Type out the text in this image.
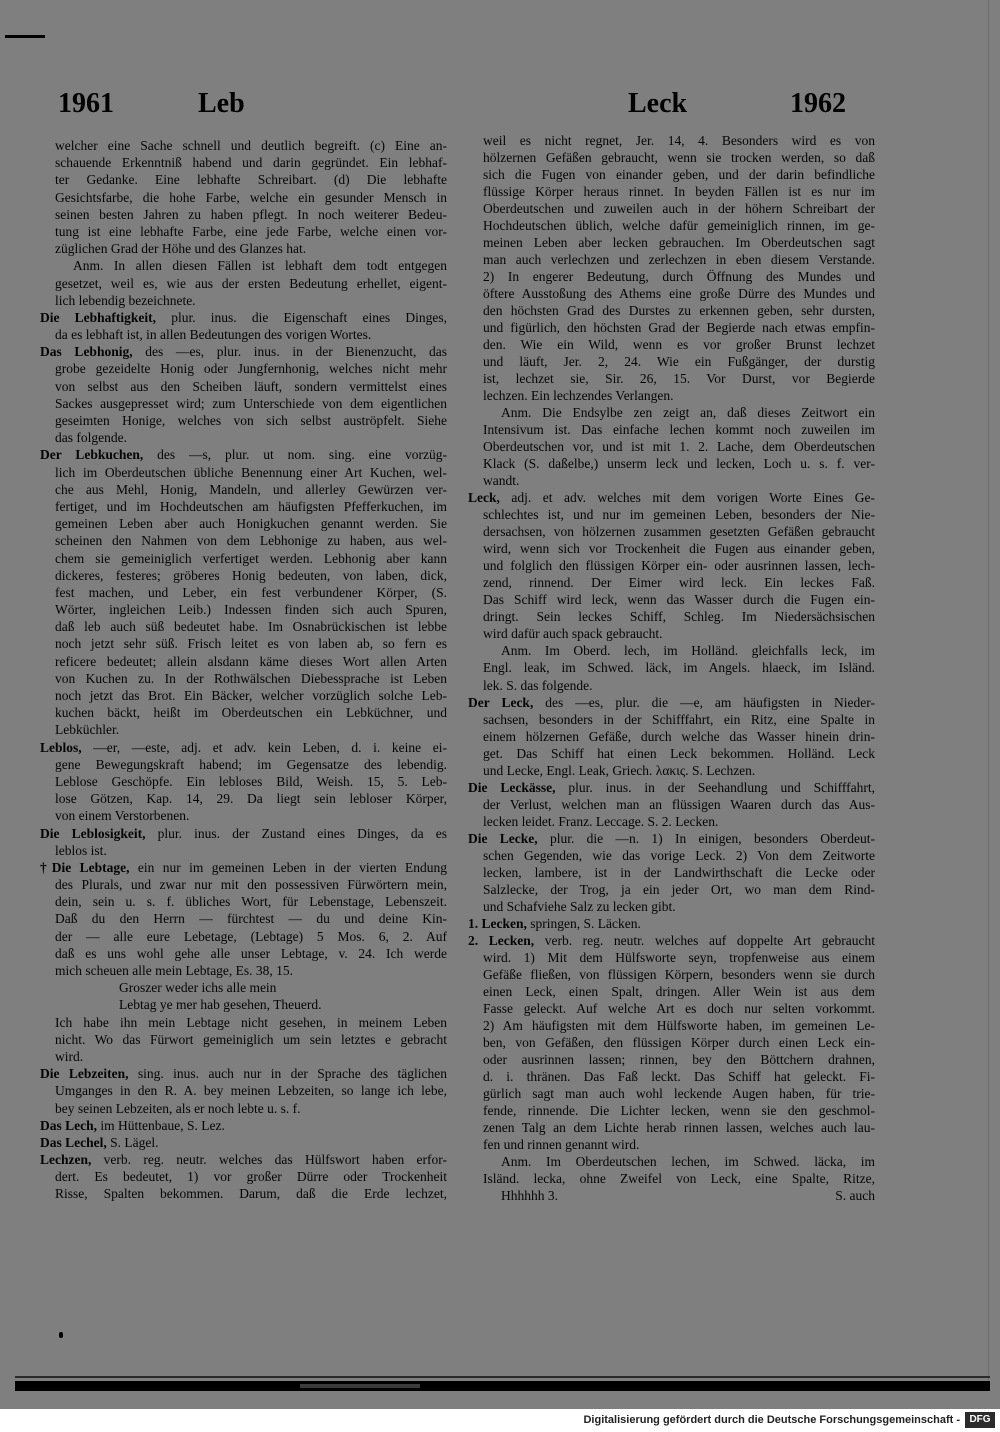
1961	Leb	Leck	1962
welcher eine Sache schnell und deutlich begreift. (c) Eine an-
schauende Erkenntniß habend und darin gegründet. Ein lebhaf-
ter Gedanke. Eine lebhafte Schreibart. (d) Die lebhafte
Gesichtsfarbe, die hohe Farbe, welche ein gesunder Mensch in
seinen besten Jahren zu haben pflegt. In noch weiterer Bedeu-
tung ist eine lebhafte Farbe, eine jede Farbe, welche einen vor-
züglichen Grad der Höhe und des Glanzes hat.
Anm. In allen diesen Fällen ist lebhaft dem todt entgegen
gesetzet, weil es, wie aus der ersten Bedeutung erhellet, eigent-
lich lebendig bezeichnete.
Die Lebhaftigkeit, plur. inus. die Eigenschaft eines Dinges,
da es lebhaft ist, in allen Bedeutungen des vorigen Wortes.
Das Lebhonig, des —es, plur. inus. in der Bienenzucht, das
grobe gezeidelte Honig oder Jungfernhonig, welches nicht mehr
von selbst aus den Scheiben läuft, sondern vermittelst eines
Sackes ausgepresset wird; zum Unterschiede von dem eigentlichen
geseimten Honige, welches von sich selbst auströpfelt. Siehe
das folgende.
Der Lebkuchen, des —s, plur. ut nom. sing. eine vorzüg-
lich im Oberdeutschen übliche Benennung einer Art Kuchen, wel-
che aus Mehl, Honig, Mandeln, und allerley Gewürzen ver-
fertiget, und im Hochdeutschen am häufigsten Pfefferkuchen, im
gemeinen Leben aber auch Honigkuchen genannt werden. Sie
scheinen den Nahmen von dem Lebhonige zu haben, aus wel-
chem sie gemeiniglich verfertiget werden. Lebhonig aber kann
dickeres, festeres; gröberes Honig bedeuten, von laben, dick,
fest machen, und Leber, ein fest verbundener Körper, (S.
Wörter, ingleichen Leib.) Indessen finden sich auch Spuren,
daß leb auch süß bedeutet habe. Im Osnabrückischen ist lebbe
noch jetzt sehr süß. Frisch leitet es von laben ab, so fern es
reficere bedeutet; allein alsdann käme dieses Wort allen Arten
von Kuchen zu. In der Rothwälschen Diebessprache ist Leben
noch jetzt das Brot. Ein Bäcker, welcher vorzüglich solche Leb-
kuchen bäckt, heißt im Oberdeutschen ein Lebküchner, und
Lebküchler.
Leblos, —er, —este, adj. et adv. kein Leben, d. i. keine ei-
gene Bewegungskraft habend; im Gegensatze des lebendig.
Leblose Geschöpfe. Ein lebloses Bild, Weish. 15, 5. Leb-
lose Götzen, Kap. 14, 29. Da liegt sein lebloser Körper,
von einem Verstorbenen.
Die Leblosigkeit, plur. inus. der Zustand eines Dinges, da es
leblos ist.
†Die Lebtage, ein nur im gemeinen Leben in der vierten Endung
des Plurals, und zwar nur mit den possessiven Fürwörtern mein,
dein, sein u. s. f. übliches Wort, für Lebenstage, Lebenszeit.
Daß du den Herrn — fürchtest — du und deine Kin-
der — alle eure Lebetage, (Lebtage) 5 Mos. 6, 2. Auf
daß es uns wohl gehe alle unser Lebtage, v. 24. Ich werde
mich scheuen alle mein Lebtage, Es. 38, 15.
Groszer weder ichs alle mein
Lebtag ye mer hab gesehen, Theuerd.
Ich habe ihn mein Lebtage nicht gesehen, in meinem Leben
nicht. Wo das Fürwort gemeiniglich um sein letztes e gebracht
wird.
Die Lebzeiten, sing. inus. auch nur in der Sprache des täglichen
Umganges in den R. A. bey meinen Lebzeiten, so lange ich lebe,
bey seinen Lebzeiten, als er noch lebte u. s. f.
Das Lech, im Hüttenbaue, S. Lez.
Das Lechel, S. Lägel.
Lechzen, verb. reg. neutr. welches das Hülfswort haben erfor-
dert. Es bedeutet, 1) vor großer Dürre oder Trockenheit
Risse, Spalten bekommen. Darum, daß die Erde lechzet,
weil es nicht regnet, Jer. 14, 4. Besonders wird es von
hölzernen Gefäßen gebraucht, wenn sie trocken werden, so daß
sich die Fugen von einander geben, und der darin befindliche
flüssige Körper heraus rinnet. In beyden Fällen ist es nur im
Oberdeutschen und zuweilen auch in der höhern Schreibart der
Hochdeutschen üblich, welche dafür gemeiniglich rinnen, im ge-
meinen Leben aber lecken gebrauchen. Im Oberdeutschen sagt
man auch verlechzen und zerlechzen in eben diesem Verstande.
2) In engerer Bedeutung, durch Öffnung des Mundes und
öftere Ausstoßung des Athems eine große Dürre des Mundes und
den höchsten Grad des Durstes zu erkennen geben, sehr dursten,
und figürlich, den höchsten Grad der Begierde nach etwas empfin-
den. Wie ein Wild, wenn es vor großer Brunst lechzet
und läuft, Jer. 2, 24. Wie ein Fußgänger, der durstig
ist, lechzet sie, Sir. 26, 15. Vor Durst, vor Begierde
lechzen. Ein lechzendes Verlangen.
Anm. Die Endsylbe zen zeigt an, daß dieses Zeitwort ein
Intensivum ist. Das einfache lechen kommt noch zuweilen im
Oberdeutschen vor, und ist mit 1. 2. Lache, dem Oberdeutschen
Klack (S. daßelbe,) unserm leck und lecken, Loch u. s. f. ver-
wandt.
Leck, adj. et adv. welches mit dem vorigen Worte Eines Ge-
schlechtes ist, und nur im gemeinen Leben, besonders der Nie-
dersachsen, von hölzernen zusammen gesetzten Gefäßen gebraucht
wird, wenn sich vor Trockenheit die Fugen aus einander geben,
und folglich den flüssigen Körper ein- oder ausrinnen lassen, lech-
zend, rinnend. Der Eimer wird leck. Ein leckes Faß.
Das Schiff wird leck, wenn das Wasser durch die Fugen ein-
dringt. Sein leckes Schiff, Schleg. Im Niedersächsischen
wird dafür auch spack gebraucht.
Anm. Im Oberd. lech, im Holländ. gleichfalls leck, im
Engl. leak, im Schwed. läck, im Angels. hlaeck, im Isländ.
lek. S. das folgende.
Der Leck, des —es, plur. die —e, am häufigsten in Nieder-
sachsen, besonders in der Schifffahrt, ein Ritz, eine Spalte in
einem hölzernen Gefäße, durch welche das Wasser hinein drin-
get. Das Schiff hat einen Leck bekommen. Holländ. Leck
und Lecke, Engl. Leak, Griech. λακις. S. Lechzen.
Die Leckässe, plur. inus. in der Seehandlung und Schifffahrt,
der Verlust, welchen man an flüssigen Waaren durch das Aus-
lecken leidet. Franz. Leccage. S. 2. Lecken.
Die Lecke, plur. die —n. 1) In einigen, besonders Oberdeut-
schen Gegenden, wie das vorige Leck. 2) Von dem Zeitworte
lecken, lambere, ist in der Landwirthschaft die Lecke oder
Salzlecke, der Trog, ja ein jeder Ort, wo man dem Rind-
und Schafviehe Salz zu lecken gibt.
1. Lecken, springen, S. Läcken.
2. Lecken, verb. reg. neutr. welches auf doppelte Art gebraucht
wird. 1) Mit dem Hülfsworte seyn, tropfenweise aus einem
Gefäße fließen, von flüssigen Körpern, besonders wenn sie durch
einen Leck, einen Spalt, dringen. Aller Wein ist aus dem
Fasse geleckt. Auf welche Art es doch nur selten vorkommt.
2) Am häufigsten mit dem Hülfsworte haben, im gemeinen Le-
ben, von Gefäßen, den flüssigen Körper durch einen Leck ein-
oder ausrinnen lassen; rinnen, bey den Böttchern drahnen,
d. i. thränen. Das Faß leckt. Das Schiff hat geleckt. Fi-
gürlich sagt man auch wohl leckende Augen haben, für trie-
fende, rinnende. Die Lichter lecken, wenn sie den geschmol-
zenen Talg an dem Lichte herab rinnen lassen, welches auch lau-
fen und rinnen genannt wird.
Anm. Im Oberdeutschen lechen, im Schwed. läcka, im
Isländ. lecka, ohne Zweifel von Leck, eine Spalte, Ritze,
Hhhhhh 3.	S. auch
Digitalisierung gefördert durch die Deutsche Forschungsgemeinschaft - DFG
